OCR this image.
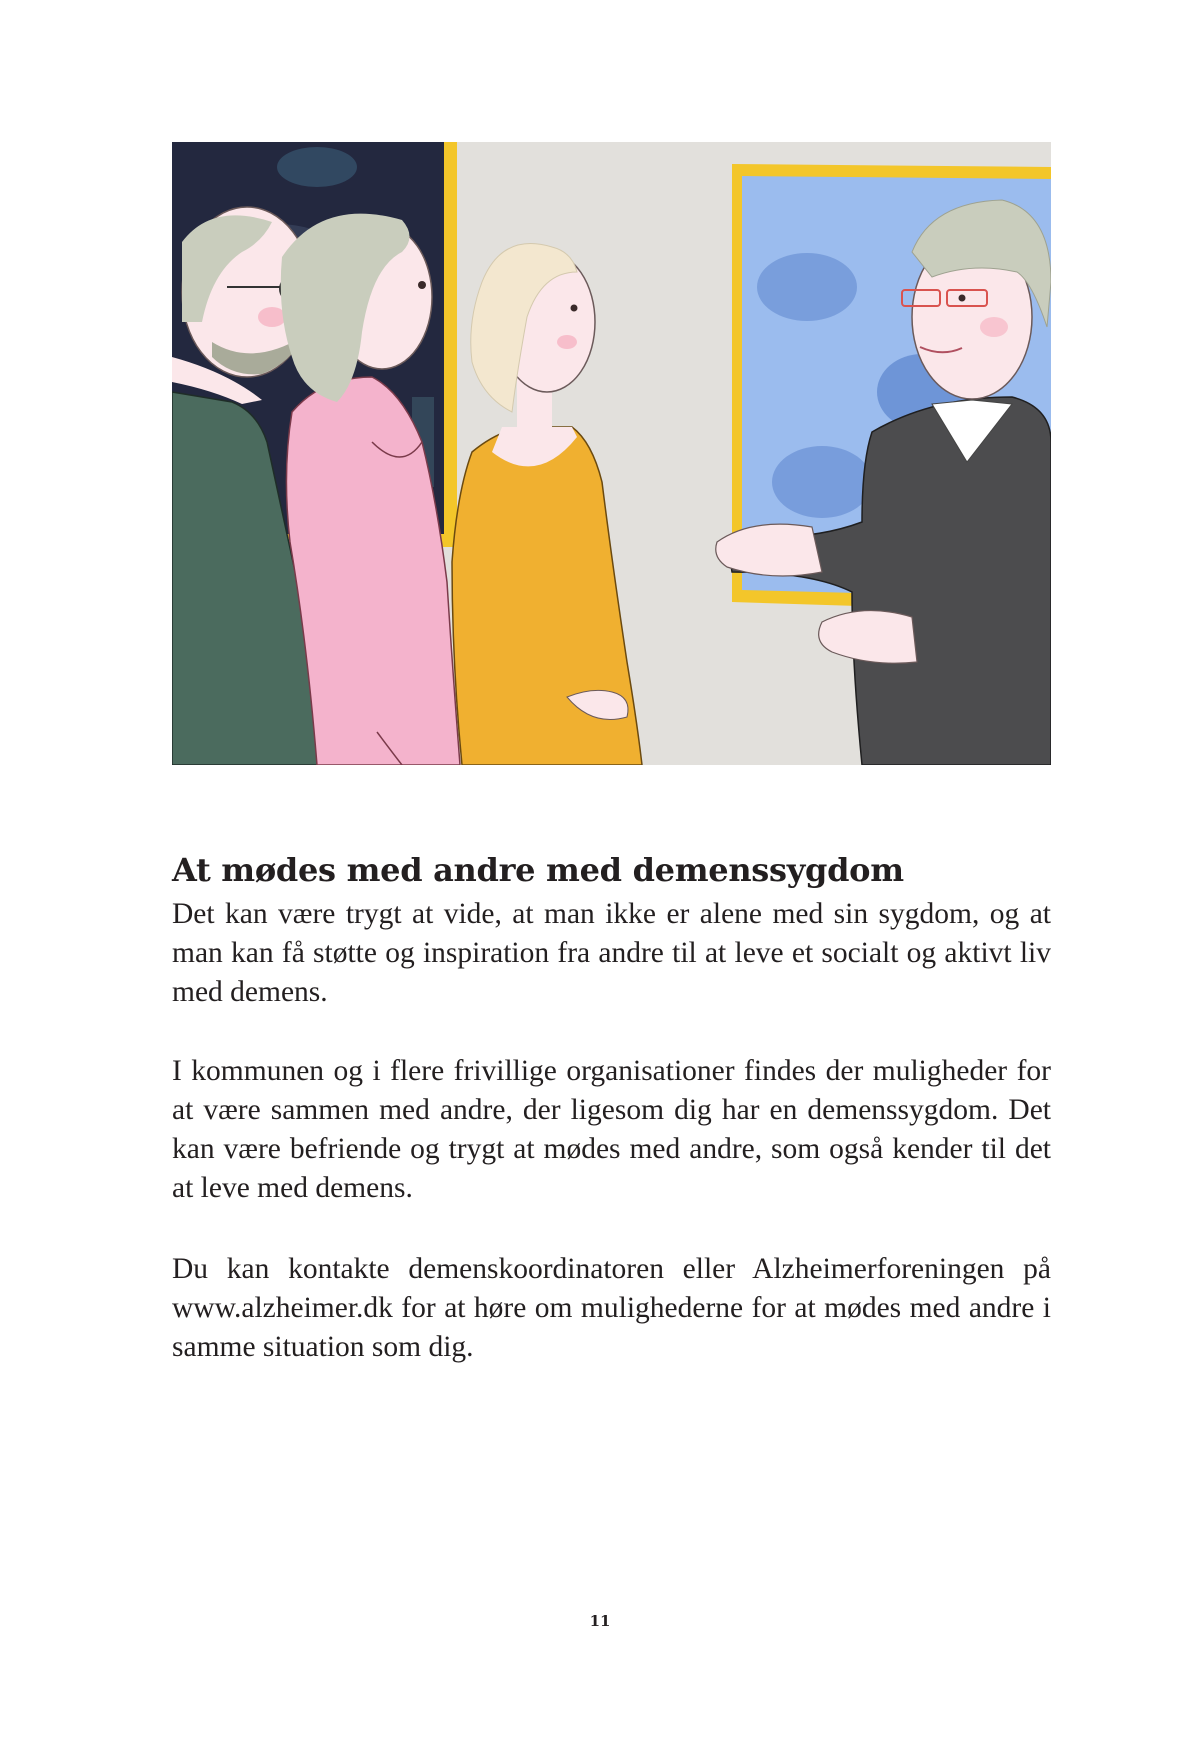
At mødes med andre med demenssygdom

Det kan være trygt at vide, at man ikke er alene med sin sygdom, og at man kan få støtte og inspiration fra andre til at leve et socialt og aktivt liv med demens.

I kommunen og i flere frivillige organisationer findes der muligheder for at være sammen med andre, der ligesom dig har en demenssygdom. Det kan være befriende og trygt at mødes med andre, som også kender til det at leve med demens.

Du kan kontakte demenskoordinatoren eller Alzheimerforeningen på www.alzheimer.dk for at høre om mulighederne for at mødes med andre i samme situation som dig.

11
